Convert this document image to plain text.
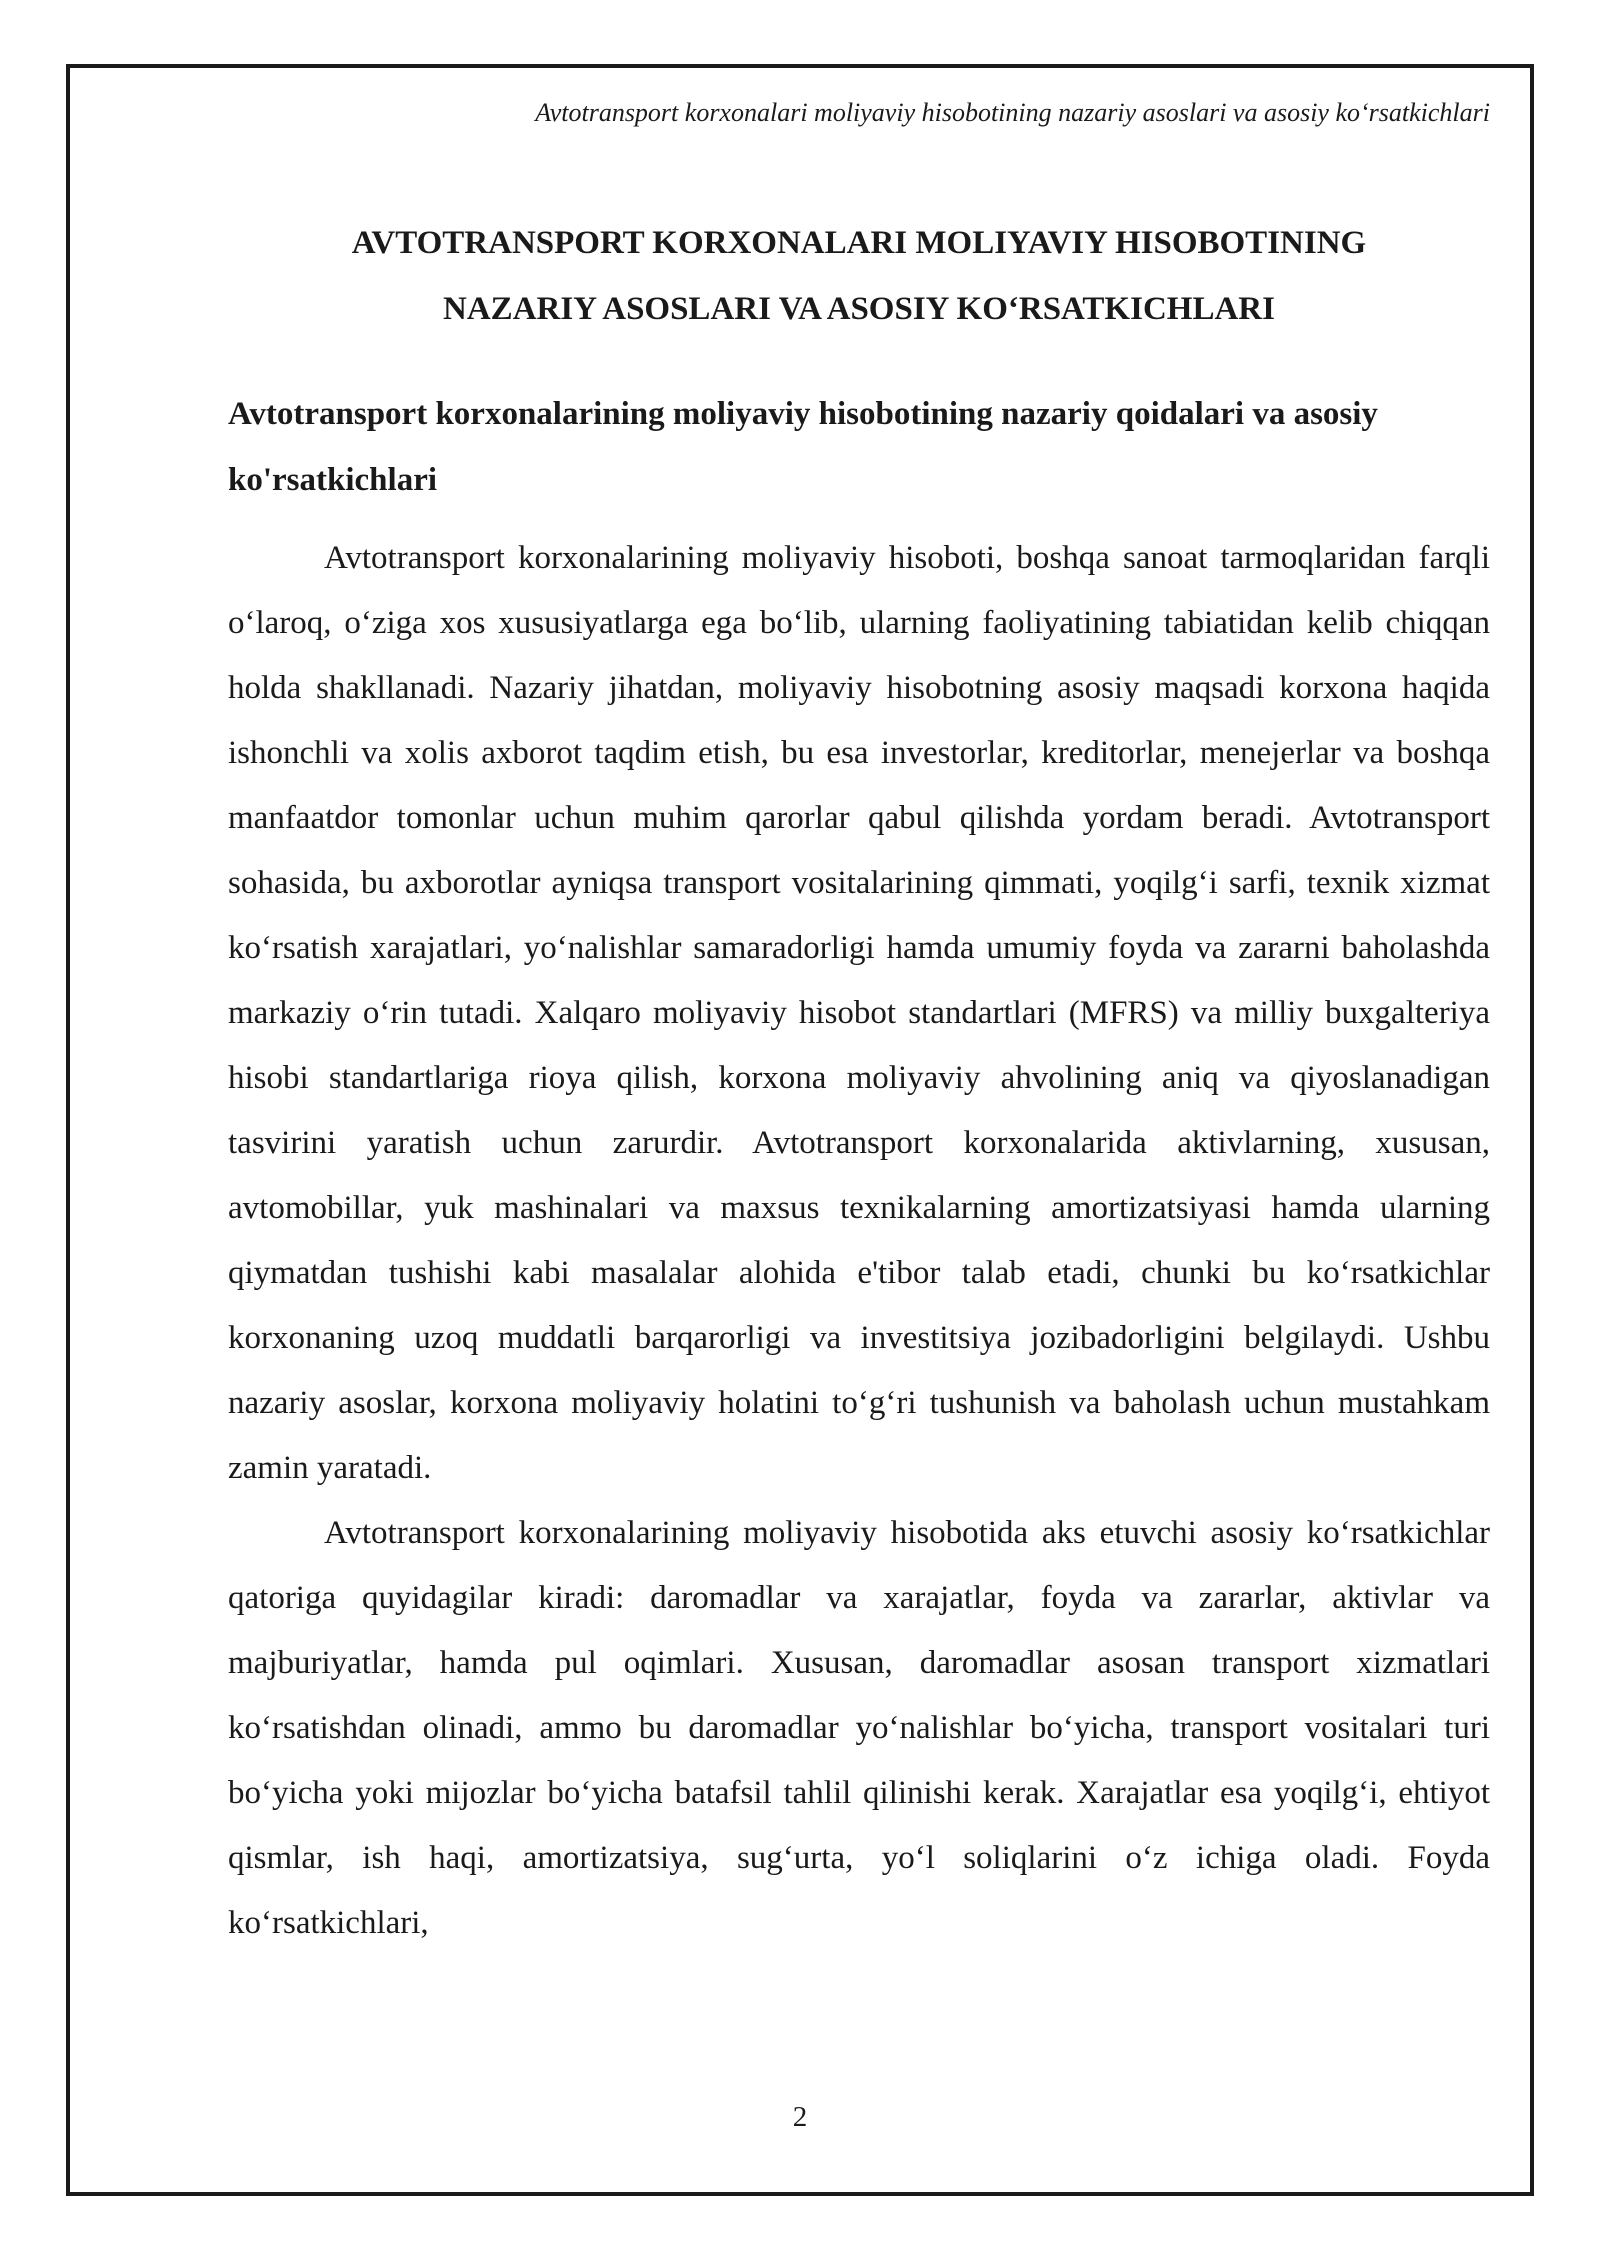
Avtotransport korxonalari moliyaviy hisobotining nazariy asoslari va asosiy ko‘rsatkichlari
AVTOTRANSPORT KORXONALARI MOLIYAVIY HISOBOTINING
NAZARIY ASOSLARI VA ASOSIY KO‘RSATKICHLARI
Avtotransport korxonalarining moliyaviy hisobotining nazariy qoidalari va asosiy ko'rsatkichlari

Avtotransport korxonalarining moliyaviy hisoboti, boshqa sanoat tarmoqlaridan farqli o‘laroq, o‘ziga xos xususiyatlarga ega bo‘lib, ularning faoliyatining tabiatidan kelib chiqqan holda shakllanadi. Nazariy jihatdan, moliyaviy hisobotning asosiy maqsadi korxona haqida ishonchli va xolis axborot taqdim etish, bu esa investorlar, kreditorlar, menejerlar va boshqa manfaatdor tomonlar uchun muhim qarorlar qabul qilishda yordam beradi. Avtotransport sohasida, bu axborotlar ayniqsa transport vositalarining qimmati, yoqilg‘i sarfi, texnik xizmat ko‘rsatish xarajatlari, yo‘nalishlar samaradorligi hamda umumiy foyda va zararni baholashda markaziy o‘rin tutadi. Xalqaro moliyaviy hisobot standartlari (MFRS) va milliy buxgalteriya hisobi standartlariga rioya qilish, korxona moliyaviy ahvolining aniq va qiyoslanadigan tasvirini yaratish uchun zarurdir. Avtotransport korxonalarida aktivlarning, xususan, avtomobillar, yuk mashinalari va maxsus texnikalarning amortizatsiyasi hamda ularning qiymatdan tushishi kabi masalalar alohida e'tibor talab etadi, chunki bu ko‘rsatkichlar korxonaning uzoq muddatli barqarorligi va investitsiya jozibadorligini belgilaydi. Ushbu nazariy asoslar, korxona moliyaviy holatini to‘g‘ri tushunish va baholash uchun mustahkam zamin yaratadi.

Avtotransport korxonalarining moliyaviy hisobotida aks etuvchi asosiy ko‘rsatkichlar qatoriga quyidagilar kiradi: daromadlar va xarajatlar, foyda va zararlar, aktivlar va majburiyatlar, hamda pul oqimlari. Xususan, daromadlar asosan transport xizmatlari ko‘rsatishdan olinadi, ammo bu daromadlar yo‘nalishlar bo‘yicha, transport vositalari turi bo‘yicha yoki mijozlar bo‘yicha batafsil tahlil qilinishi kerak. Xarajatlar esa yoqilg‘i, ehtiyot qismlar, ish haqi, amortizatsiya, sug‘urta, yo‘l soliqlarini o‘z ichiga oladi. Foyda ko‘rsatkichlari,

2
